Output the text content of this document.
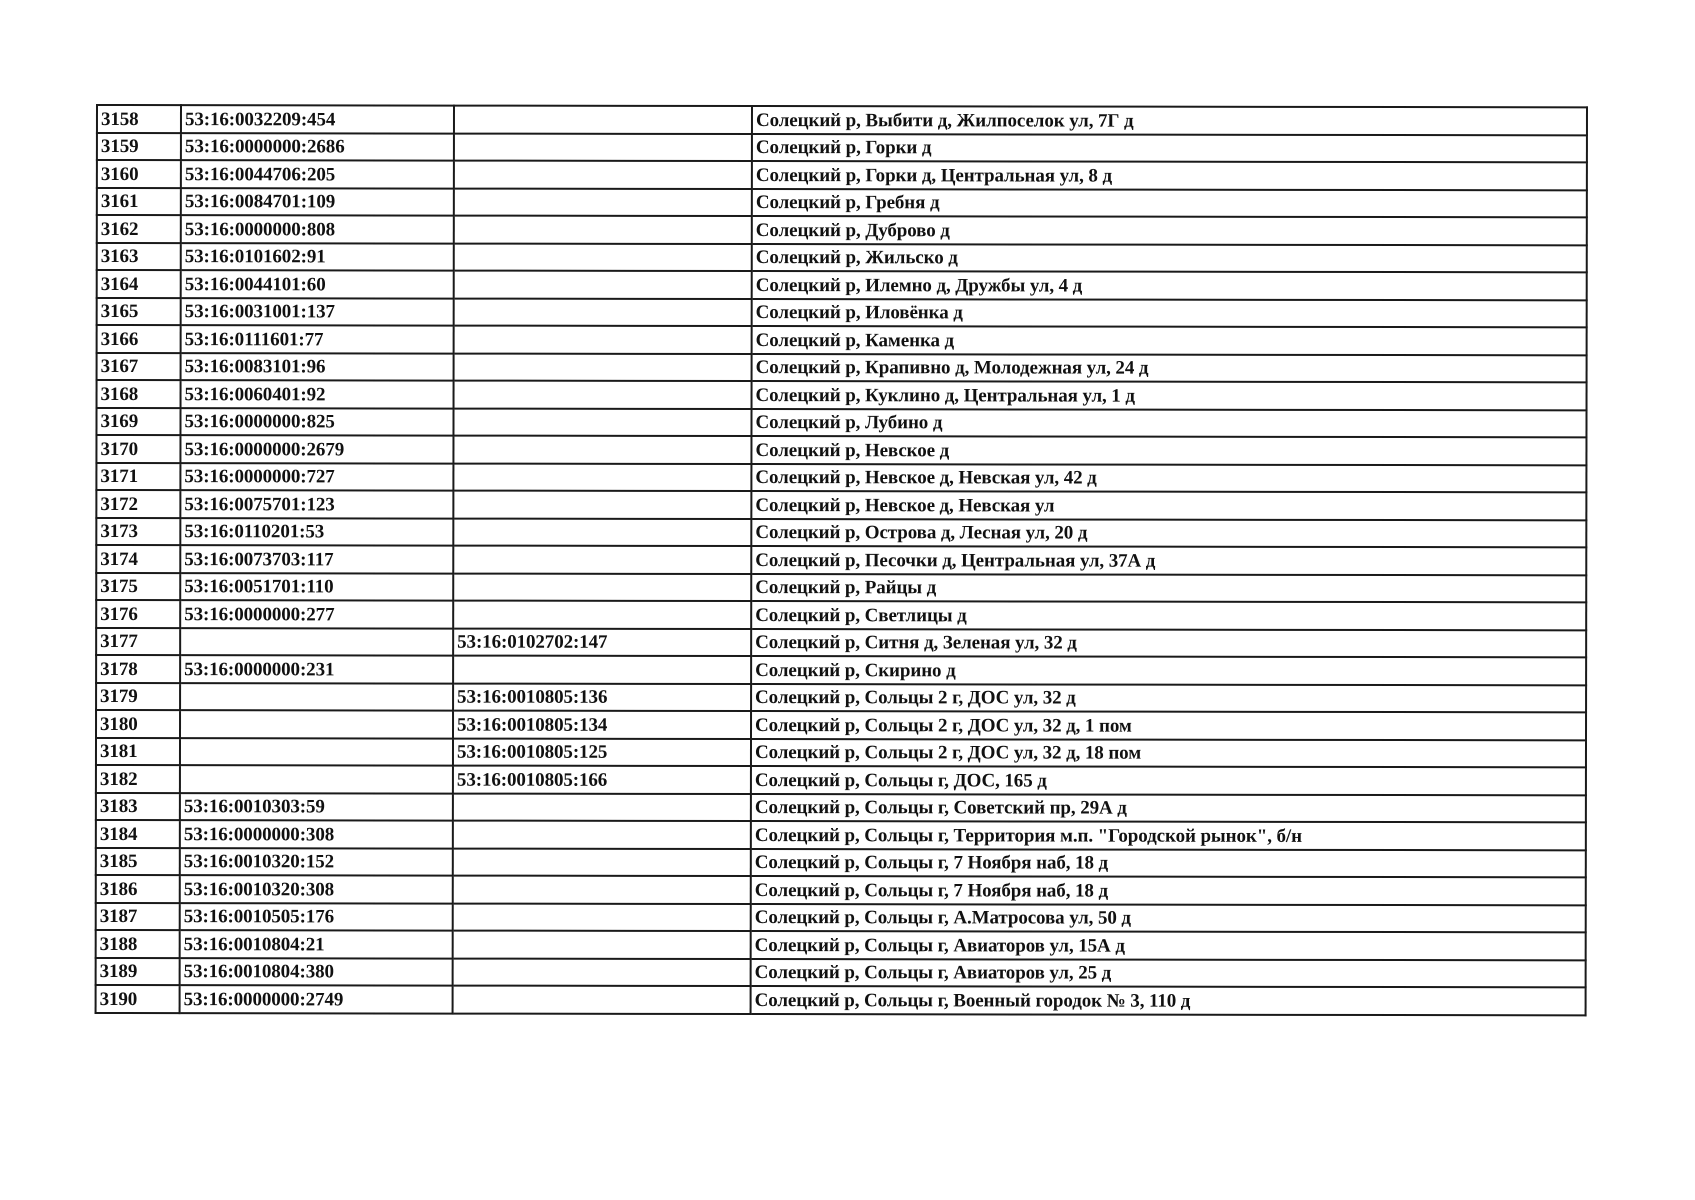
3158	53:16:0032209:454		Солецкий р, Выбити д, Жилпоселок ул, 7Г д
3159	53:16:0000000:2686		Солецкий р, Горки д
3160	53:16:0044706:205		Солецкий р, Горки д, Центральная ул, 8 д
3161	53:16:0084701:109		Солецкий р, Гребня д
3162	53:16:0000000:808		Солецкий р, Дуброво д
3163	53:16:0101602:91		Солецкий р, Жильско д
3164	53:16:0044101:60		Солецкий р, Илемно д, Дружбы ул, 4 д
3165	53:16:0031001:137		Солецкий р, Иловёнка д
3166	53:16:0111601:77		Солецкий р, Каменка д
3167	53:16:0083101:96		Солецкий р, Крапивно д, Молодежная ул, 24 д
3168	53:16:0060401:92		Солецкий р, Куклино д, Центральная ул, 1 д
3169	53:16:0000000:825		Солецкий р, Лубино д
3170	53:16:0000000:2679		Солецкий р, Невское д
3171	53:16:0000000:727		Солецкий р, Невское д, Невская ул, 42 д
3172	53:16:0075701:123		Солецкий р, Невское д, Невская ул
3173	53:16:0110201:53		Солецкий р, Острова д, Лесная ул, 20 д
3174	53:16:0073703:117		Солецкий р, Песочки д, Центральная ул, 37А д
3175	53:16:0051701:110		Солецкий р, Райцы д
3176	53:16:0000000:277		Солецкий р, Светлицы д
3177		53:16:0102702:147	Солецкий р, Ситня д, Зеленая ул, 32 д
3178	53:16:0000000:231		Солецкий р, Скирино д
3179		53:16:0010805:136	Солецкий р, Сольцы 2 г, ДОС ул, 32 д
3180		53:16:0010805:134	Солецкий р, Сольцы 2 г, ДОС ул, 32 д, 1 пом
3181		53:16:0010805:125	Солецкий р, Сольцы 2 г, ДОС ул, 32 д, 18 пом
3182		53:16:0010805:166	Солецкий р, Сольцы г, ДОС, 165 д
3183	53:16:0010303:59		Солецкий р, Сольцы г, Советский пр, 29А д
3184	53:16:0000000:308		Солецкий р, Сольцы г, Территория м.п. "Городской рынок", б/н
3185	53:16:0010320:152		Солецкий р, Сольцы г, 7 Ноября наб, 18 д
3186	53:16:0010320:308		Солецкий р, Сольцы г, 7 Ноября наб, 18 д
3187	53:16:0010505:176		Солецкий р, Сольцы г, А.Матросова ул, 50 д
3188	53:16:0010804:21		Солецкий р, Сольцы г, Авиаторов ул, 15А д
3189	53:16:0010804:380		Солецкий р, Сольцы г, Авиаторов ул, 25 д
3190	53:16:0000000:2749		Солецкий р, Сольцы г, Военный городок № 3, 110 д
